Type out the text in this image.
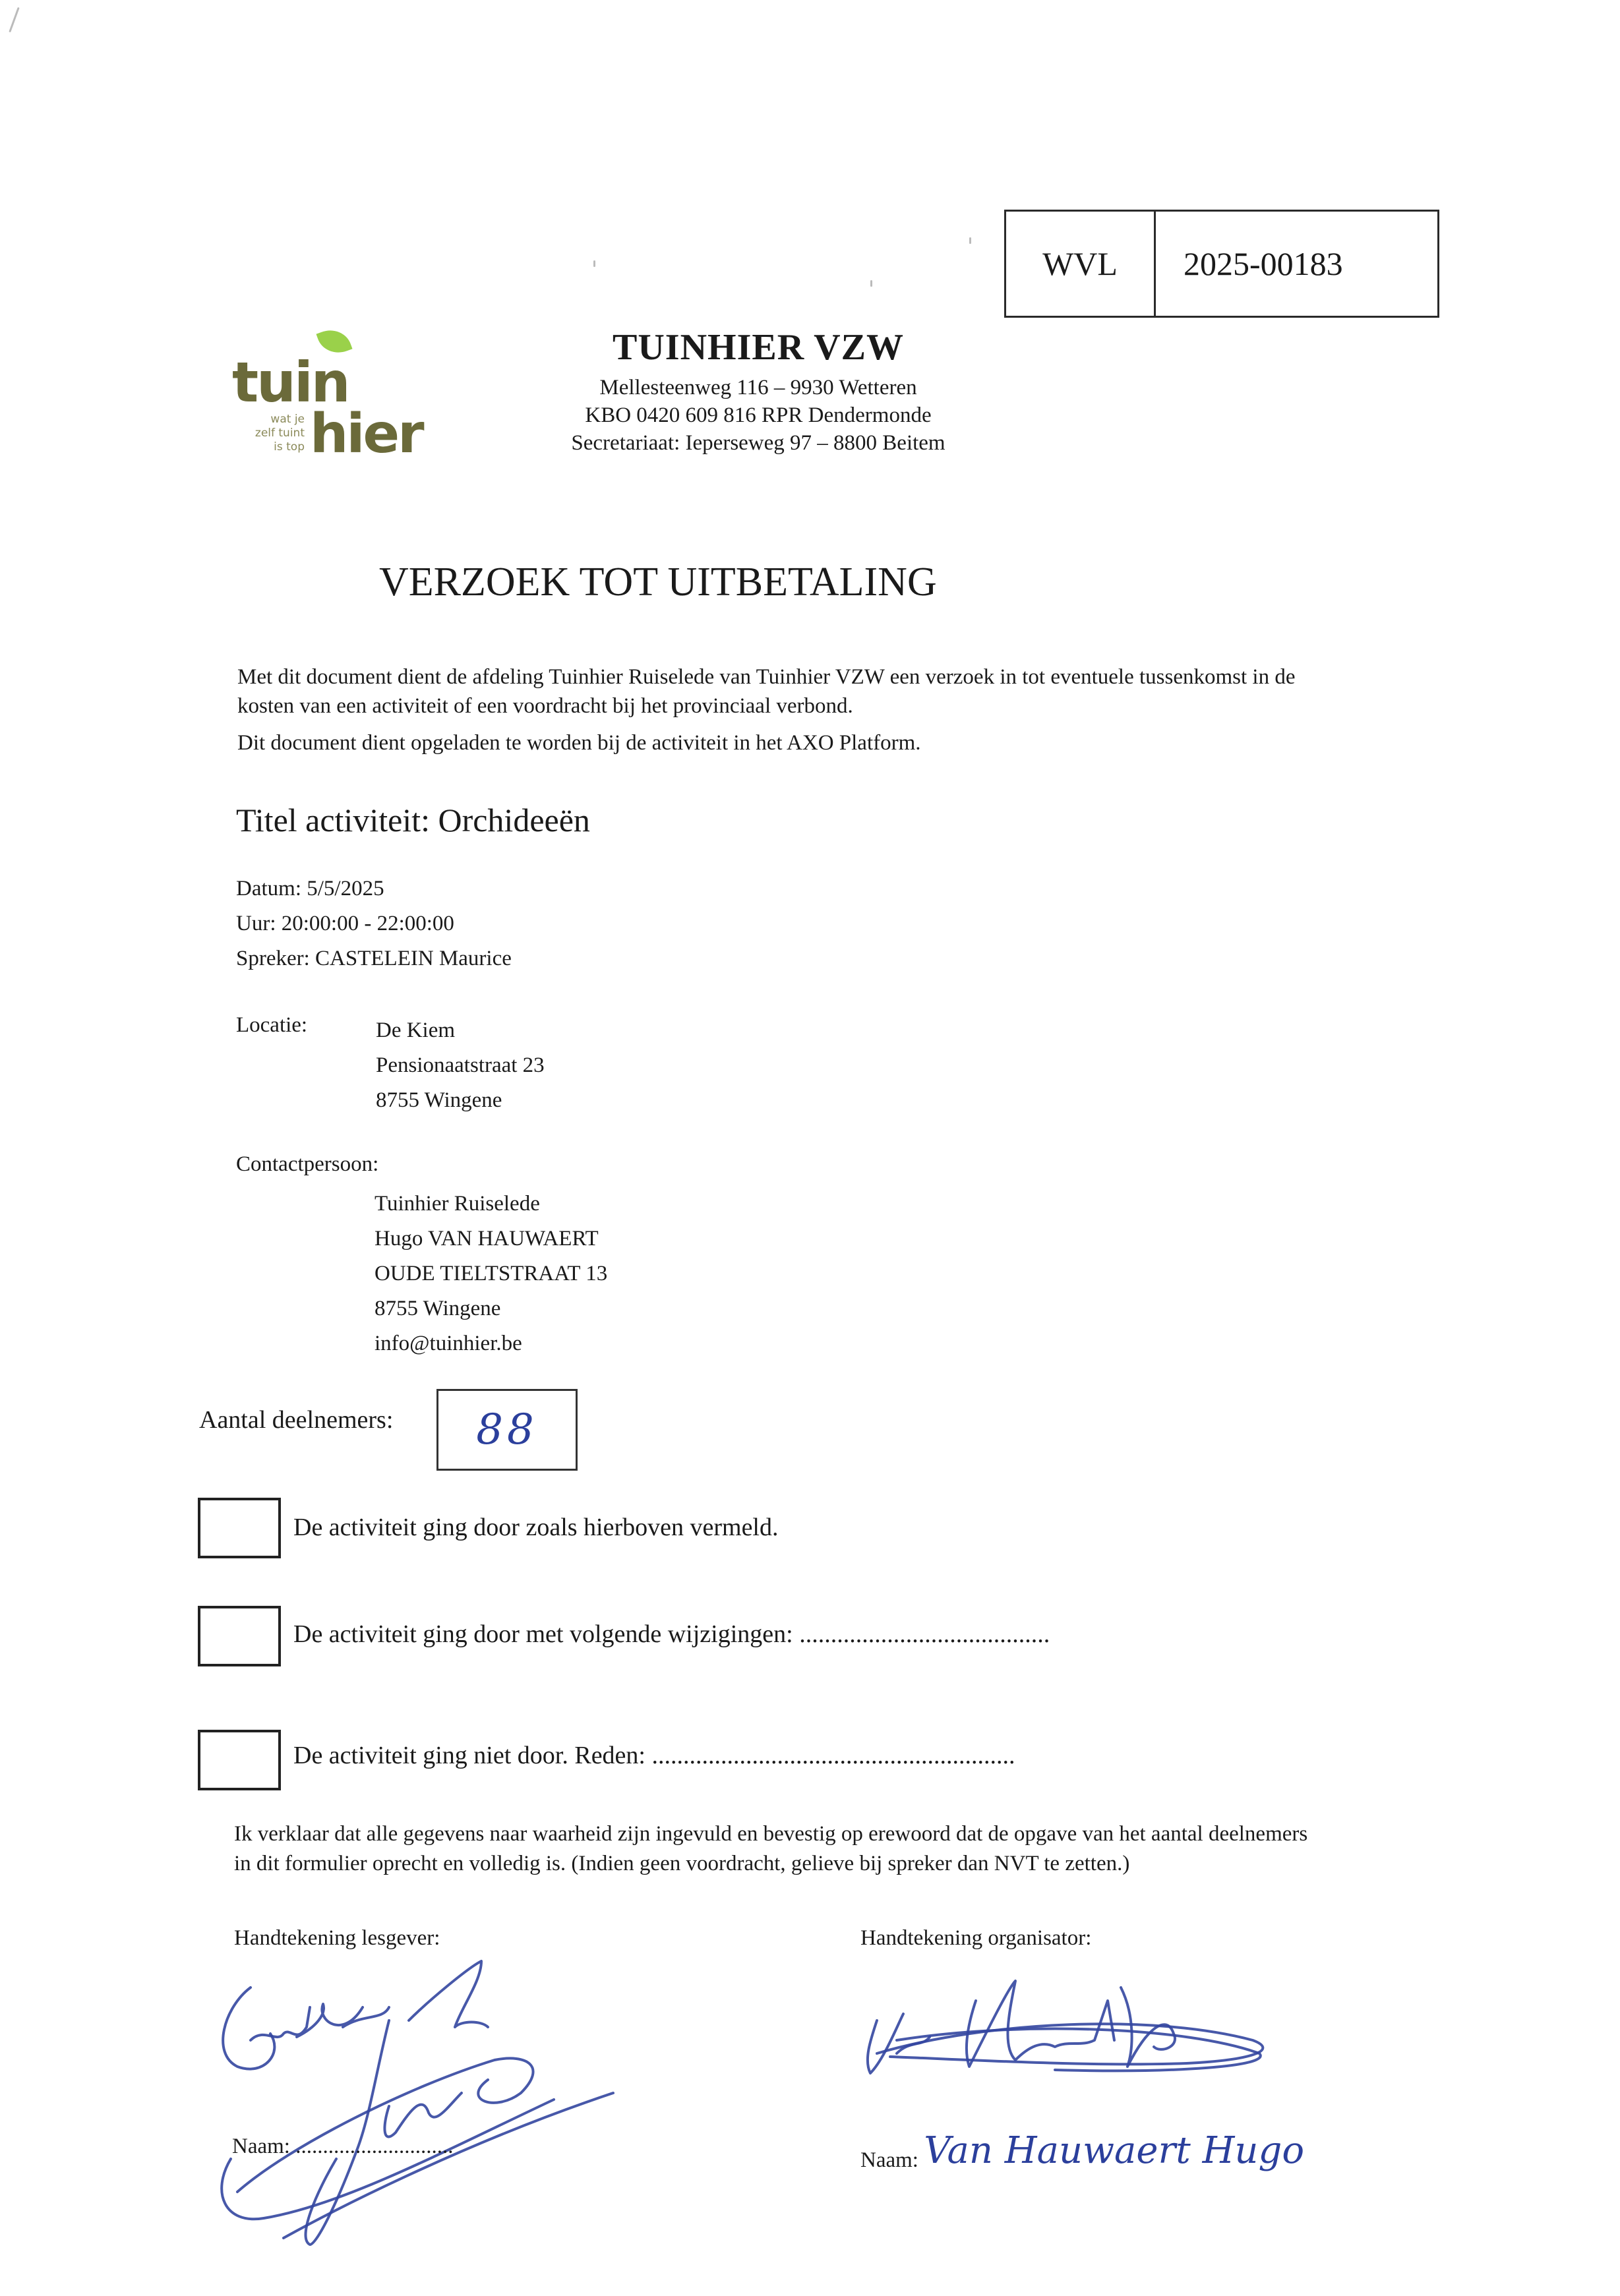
WVL	2025-00183
tuin
hier
wat je
zelf tuint
is top
TUINHIER VZW
Mellesteenweg 116 – 9930 Wetteren
KBO 0420 609 816 RPR Dendermonde
Secretariaat: Ieperseweg 97 – 8800 Beitem
VERZOEK TOT UITBETALING

Met dit document dient de afdeling Tuinhier Ruiselede van Tuinhier VZW een verzoek in tot eventuele tussenkomst in de kosten van een activiteit of een voordracht bij het provinciaal verbond.

Dit document dient opgeladen te worden bij de activiteit in het AXO Platform.

Titel activiteit: Orchideeën
Datum: 5/5/2025
Uur: 20:00:00 - 22:00:00
Spreker: CASTELEIN Maurice
Locatie:	De Kiem
Pensionaatstraat 23
8755 Wingene
Contactpersoon:
Tuinhier Ruiselede
Hugo VAN HAUWAERT
OUDE TIELTSTRAAT 13
8755 Wingene
info@tuinhier.be
Aantal deelnemers: 88
De activiteit ging door zoals hierboven vermeld.
De activiteit ging door met volgende wijzigingen: ........................................
De activiteit ging niet door. Reden: ..........................................................
Ik verklaar dat alle gegevens naar waarheid zijn ingevuld en bevestig op erewoord dat de opgave van het aantal deelnemers in dit formulier oprecht en volledig is. (Indien geen voordracht, gelieve bij spreker dan NVT te zetten.)
Handtekening lesgever:	Handtekening organisator:
Naam: .............................
Naam: Van Hauwaert Hugo
